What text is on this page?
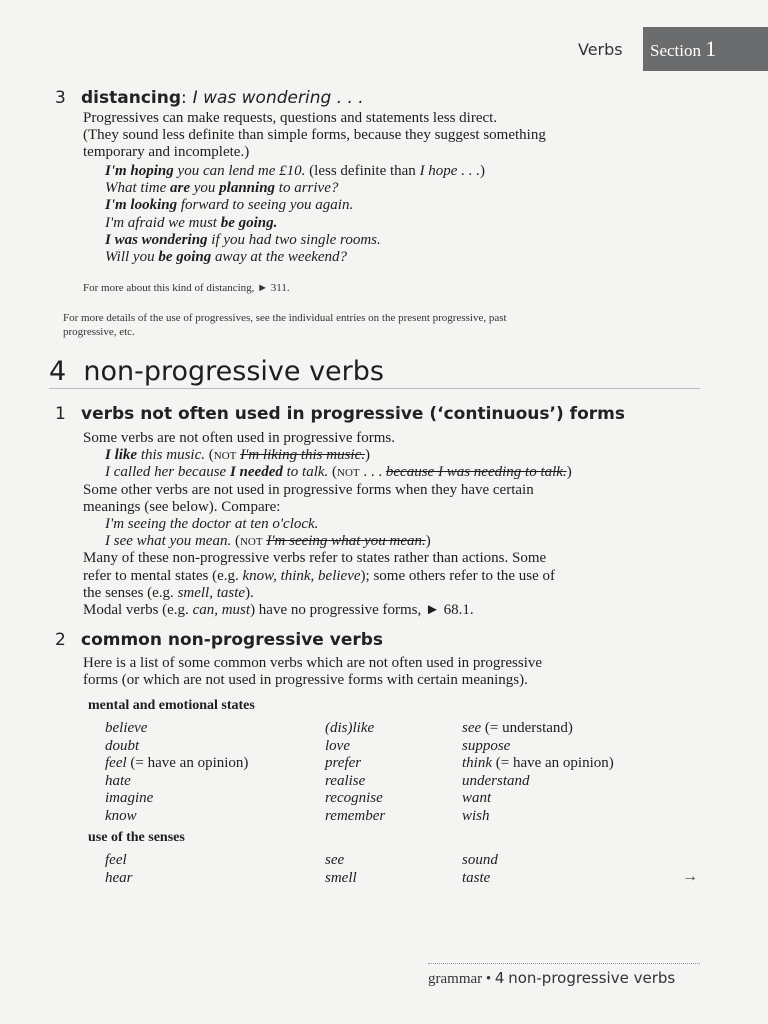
Verbs	Section 1
3 distancing: I was wondering . . .
Progressives can make requests, questions and statements less direct.
(They sound less definite than simple forms, because they suggest something
temporary and incomplete.)
I'm hoping you can lend me £10. (less definite than I hope . . .)
What time are you planning to arrive?
I'm looking forward to seeing you again.
I'm afraid we must be going.
I was wondering if you had two single rooms.
Will you be going away at the weekend?
For more about this kind of distancing, ► 311.
For more details of the use of progressives, see the individual entries on the present progressive, past
progressive, etc.
4 non-progressive verbs
1 verbs not often used in progressive (‘continuous’) forms
Some verbs are not often used in progressive forms.
I like this music. (not I'm liking this music.)
I called her because I needed to talk. (not . . . because I was needing to talk.)
Some other verbs are not used in progressive forms when they have certain
meanings (see below). Compare:
I'm seeing the doctor at ten o'clock.
I see what you mean. (not I'm seeing what you mean.)
Many of these non-progressive verbs refer to states rather than actions. Some
refer to mental states (e.g. know, think, believe); some others refer to the use of
the senses (e.g. smell, taste).
Modal verbs (e.g. can, must) have no progressive forms, ► 68.1.
2 common non-progressive verbs
Here is a list of some common verbs which are not often used in progressive
forms (or which are not used in progressive forms with certain meanings).
mental and emotional states
believe
doubt
feel (= have an opinion)
hate
imagine
know
(dis)like
love
prefer
realise
recognise
remember
see (= understand)
suppose
think (= have an opinion)
understand
want
wish
use of the senses
feel
hear
see
smell
sound
taste	→
grammar • 4 non-progressive verbs
